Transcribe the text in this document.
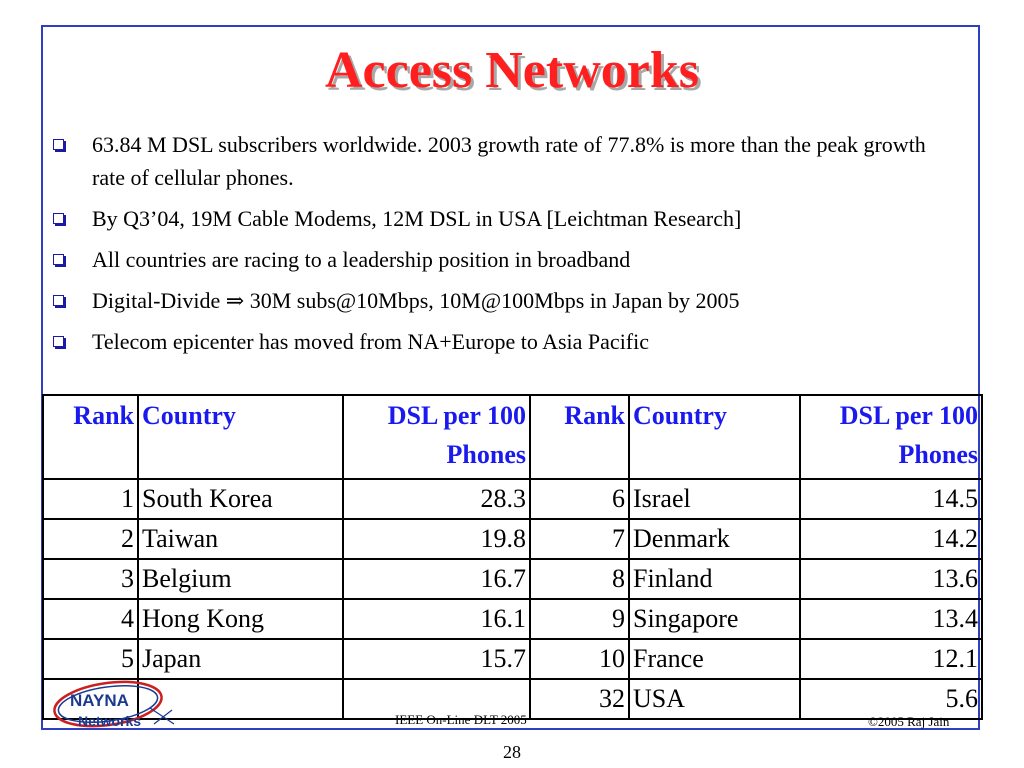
Access Networks
63.84 M DSL subscribers worldwide. 2003 growth rate of 77.8% is more than the peak growth rate of cellular phones.
By Q3’04, 19M Cable Modems, 12M DSL in USA [Leichtman Research]
All countries are racing to a leadership position in broadband
Digital-Divide ⇒ 30M subs@10Mbps, 10M@100Mbps in Japan by 2005
Telecom epicenter has moved from NA+Europe to Asia Pacific
Rank	Country	DSL per 100 Phones	Rank	Country	DSL per 100 Phones
1	South Korea	28.3	6	Israel	14.5
2	Taiwan	19.8	7	Denmark	14.2
3	Belgium	16.7	8	Finland	13.6
4	Hong Kong	16.1	9	Singapore	13.4
5	Japan	15.7	10	France	12.1
			32	USA	5.6
NAYNA
Networks	IEEE On-Line DLT 2005	©2005 Raj Jain
28
